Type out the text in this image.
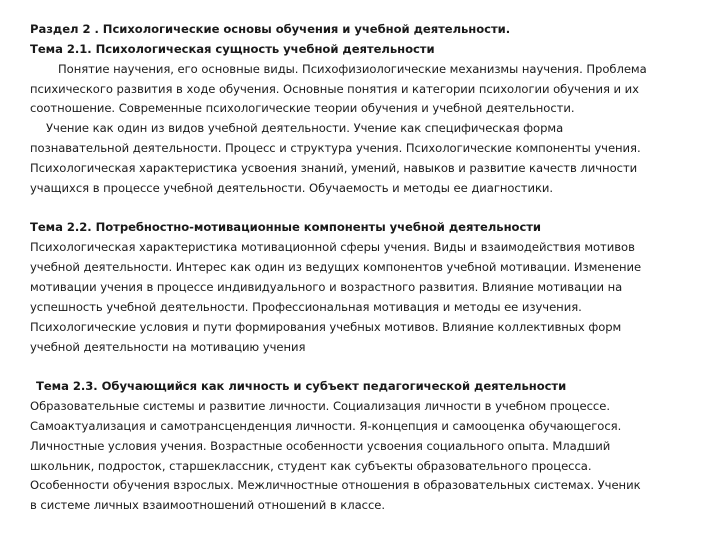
Раздел 2 . Психологические основы обучения и учебной деятельности.
Тема 2.1. Психологическая сущность учебной деятельности
Понятие научения, его основные виды. Психофизиологические механизмы научения. Проблема
психического развития в ходе обучения. Основные понятия и категории психологии обучения и их
соотношение. Современные психологические теории обучения и учебной деятельности.
Учение как один из видов учебной деятельности. Учение как специфическая форма
познавательной деятельности. Процесс и структура учения. Психологические компоненты учения.
Психологическая характеристика усвоения знаний, умений, навыков и развитие качеств личности
учащихся в процессе учебной деятельности. Обучаемость и методы ее диагностики.
Тема 2.2. Потребностно-мотивационные компоненты учебной деятельности
Психологическая характеристика мотивационной сферы учения. Виды и взаимодействия мотивов
учебной деятельности. Интерес как один из ведущих компонентов учебной мотивации. Изменение
мотивации учения в процессе индивидуального и возрастного развития. Влияние мотивации на
успешность учебной деятельности. Профессиональная мотивация и методы ее изучения.
Психологические условия и пути формирования учебных мотивов. Влияние коллективных форм
учебной деятельности на мотивацию учения
Тема 2.3. Обучающийся как личность и субъект педагогической деятельности
Образовательные системы и развитие личности. Социализация личности в учебном процессе.
Самоактуализация и самотрансценденция личности. Я-концепция и самооценка обучающегося.
Личностные условия учения. Возрастные особенности усвоения социального опыта. Младший
школьник, подросток, старшеклассник, студент как субъекты образовательного процесса.
Особенности обучения взрослых. Межличностные отношения в образовательных системах. Ученик
в системе личных взаимоотношений отношений в классе.
